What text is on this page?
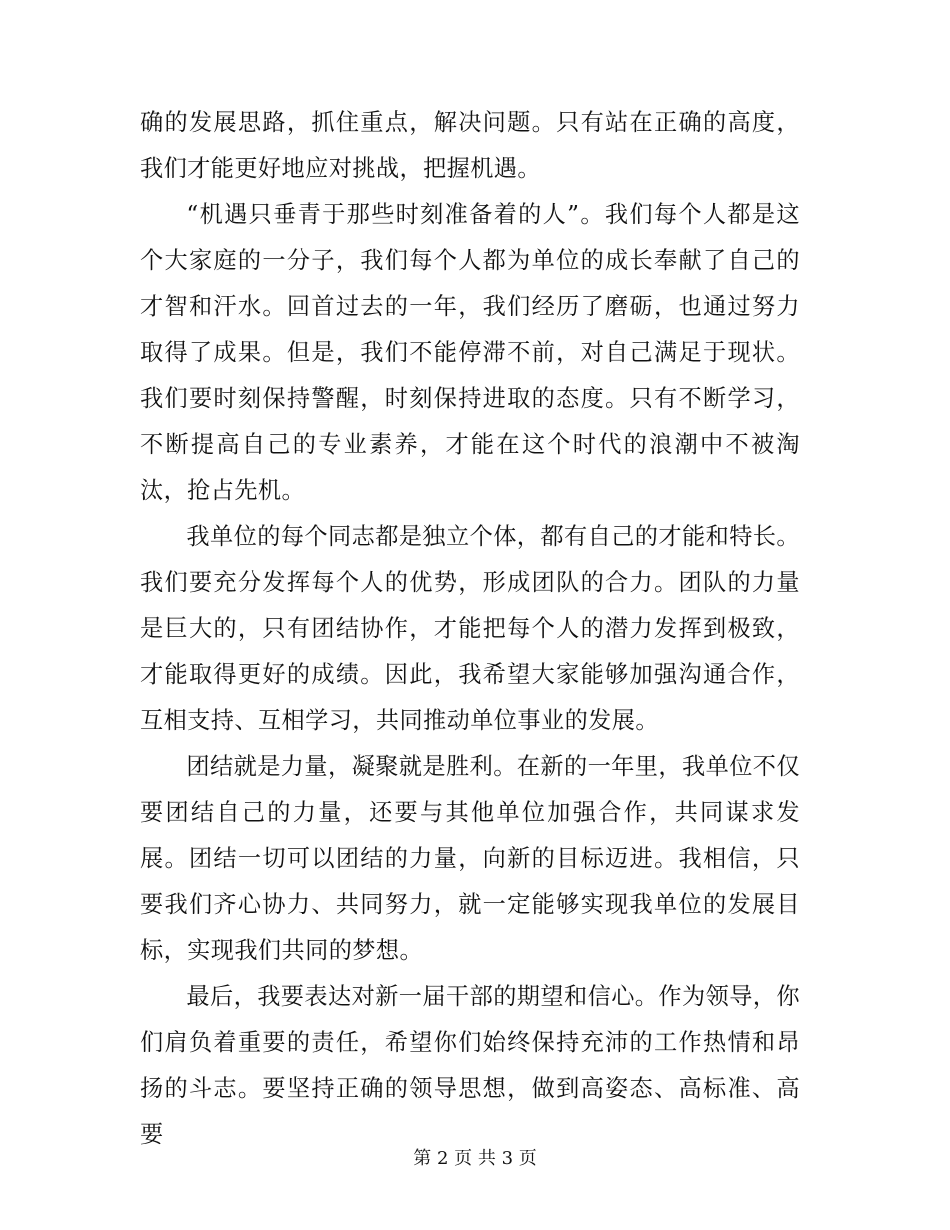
确的发展思路，抓住重点，解决问题。只有站在正确的高度，我们才能更好地应对挑战，把握机遇。

“机遇只垂青于那些时刻准备着的人”。我们每个人都是这个大家庭的一分子，我们每个人都为单位的成长奉献了自己的才智和汗水。回首过去的一年，我们经历了磨砺，也通过努力取得了成果。但是，我们不能停滞不前，对自己满足于现状。我们要时刻保持警醒，时刻保持进取的态度。只有不断学习，不断提高自己的专业素养，才能在这个时代的浪潮中不被淘汰，抢占先机。

我单位的每个同志都是独立个体，都有自己的才能和特长。我们要充分发挥每个人的优势，形成团队的合力。团队的力量是巨大的，只有团结协作，才能把每个人的潜力发挥到极致，才能取得更好的成绩。因此，我希望大家能够加强沟通合作，互相支持、互相学习，共同推动单位事业的发展。

团结就是力量，凝聚就是胜利。在新的一年里，我单位不仅要团结自己的力量，还要与其他单位加强合作，共同谋求发展。团结一切可以团结的力量，向新的目标迈进。我相信，只要我们齐心协力、共同努力，就一定能够实现我单位的发展目标，实现我们共同的梦想。

最后，我要表达对新一届干部的期望和信心。作为领导，你们肩负着重要的责任，希望你们始终保持充沛的工作热情和昂扬的斗志。要坚持正确的领导思想，做到高姿态、高标准、高要

第 2 页 共 3 页
